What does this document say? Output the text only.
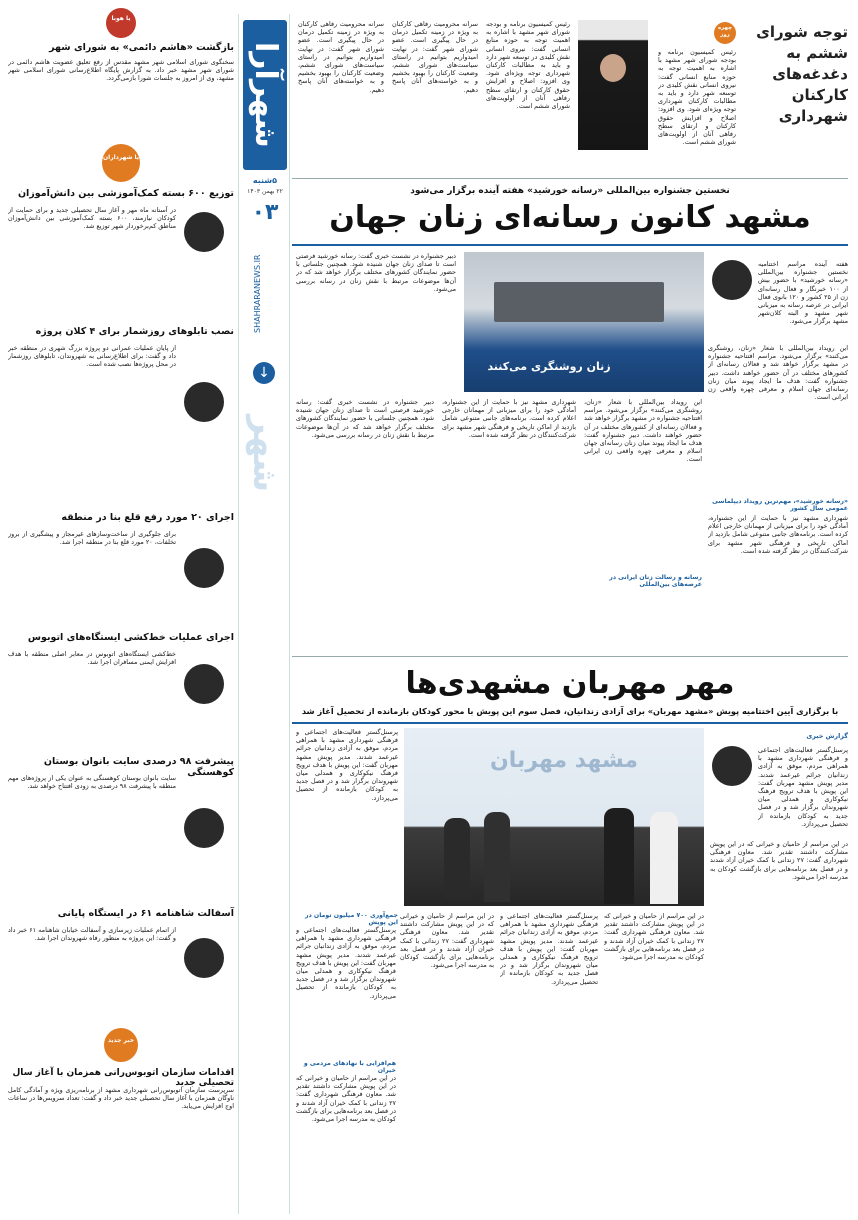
شهرآرا
۵شنبه
۲۲ بهمن ۱۴۰۳
۰۳
SHAHRARANEWS.IR
↓
شهر
توجه شورای ششم به دغدغه‌های کارکنان شهرداری
چهره روز
رئیس کمیسیون برنامه و بودجه شورای شهر مشهد با اشاره به اهمیت توجه به حوزه منابع انسانی گفت: نیروی انسانی نقش کلیدی در توسعه شهر دارد و باید به مطالبات کارکنان شهرداری توجه ویژه‌ای شود. وی افزود: اصلاح و افزایش حقوق کارکنان و ارتقای سطح رفاهی آنان از اولویت‌های شورای ششم است.
رئیس کمیسیون برنامه و بودجه شورای شهر مشهد با اشاره به اهمیت توجه به حوزه منابع انسانی گفت: نیروی انسانی نقش کلیدی در توسعه شهر دارد و باید به مطالبات کارکنان شهرداری توجه ویژه‌ای شود. وی افزود: اصلاح و افزایش حقوق کارکنان و ارتقای سطح رفاهی آنان از اولویت‌های شورای ششم است.
سرانه محرومیت رفاهی کارکنان به ویژه در زمینه تکمیل درمان در حال پیگیری است. عضو شورای شهر گفت: در نهایت امیدواریم بتوانیم در راستای سیاست‌های شورای ششم، وضعیت کارکنان را بهبود بخشیم و به خواسته‌های آنان پاسخ دهیم.
سرانه محرومیت رفاهی کارکنان به ویژه در زمینه تکمیل درمان در حال پیگیری است. عضو شورای شهر گفت: در نهایت امیدواریم بتوانیم در راستای سیاست‌های شورای ششم، وضعیت کارکنان را بهبود بخشیم و به خواسته‌های آنان پاسخ دهیم.
نخستین جشنواره بین‌المللی «رسانه خورشید» هفته آینده برگزار می‌شود
مشهد کانون رسانه‌ای زنان جهان
هفته آینده مراسم اختتامیه نخستین جشنواره بین‌المللی «رسانه خورشید» با حضور بیش از ۱۰۰ خبرنگار و فعال رسانه‌ای زن از ۲۵ کشور و ۱۲۰ بانوی فعال ایرانی در عرصه رسانه به میزبانی شهر مشهد و البته کلان‌شهر مشهد برگزار می‌شود.
این رویداد بین‌المللی با شعار «زنان، روشنگری می‌کنند» برگزار می‌شود. مراسم افتتاحیه جشنواره در مشهد برگزار خواهد شد و فعالان رسانه‌ای از کشورهای مختلف در آن حضور خواهند داشت. دبیر جشنواره گفت: هدف ما ایجاد پیوند میان زنان رسانه‌ای جهان اسلام و معرفی چهره واقعی زن ایرانی است.
«رسانه خورشید»، مهم‌ترین رویداد دیپلماسی عمومی سال کشور
شهرداری مشهد نیز با حمایت از این جشنواره، آمادگی خود را برای میزبانی از مهمانان خارجی اعلام کرده است. برنامه‌های جانبی متنوعی شامل بازدید از اماکن تاریخی و فرهنگی شهر مشهد برای شرکت‌کنندگان در نظر گرفته شده است.
زنان روشنگری می‌کنند
دبیر جشنواره در نشست خبری گفت: رسانه خورشید فرصتی است تا صدای زنان جهان شنیده شود. همچنین جلساتی با حضور نمایندگان کشورهای مختلف برگزار خواهد شد که در آن‌ها موضوعات مرتبط با نقش زنان در رسانه بررسی می‌شود.
این رویداد بین‌المللی با شعار «زنان، روشنگری می‌کنند» برگزار می‌شود. مراسم افتتاحیه جشنواره در مشهد برگزار خواهد شد و فعالان رسانه‌ای از کشورهای مختلف در آن حضور خواهند داشت. دبیر جشنواره گفت: هدف ما ایجاد پیوند میان زنان رسانه‌ای جهان اسلام و معرفی چهره واقعی زن ایرانی است.
شهرداری مشهد نیز با حمایت از این جشنواره، آمادگی خود را برای میزبانی از مهمانان خارجی اعلام کرده است. برنامه‌های جانبی متنوعی شامل بازدید از اماکن تاریخی و فرهنگی شهر مشهد برای شرکت‌کنندگان در نظر گرفته شده است.
دبیر جشنواره در نشست خبری گفت: رسانه خورشید فرصتی است تا صدای زنان جهان شنیده شود. همچنین جلساتی با حضور نمایندگان کشورهای مختلف برگزار خواهد شد که در آن‌ها موضوعات مرتبط با نقش زنان در رسانه بررسی می‌شود.
رسانه و رسالت زنان ایرانی در عرصه‌های بین‌المللی
مهر مهربان مشهدی‌ها
با برگزاری آیین اختتامیه پویش «مشهد مهربان» برای آزادی زندانیان، فصل سوم این پویش با محور کودکان بازمانده از تحصیل آغاز شد
گزارش خبری
پرسنل‌گستر فعالیت‌های اجتماعی و فرهنگی شهرداری مشهد با همراهی مردم، موفق به آزادی زندانیان جرائم غیرعمد شدند. مدیر پویش مشهد مهربان گفت: این پویش با هدف ترویج فرهنگ نیکوکاری و همدلی میان شهروندان برگزار شد و در فصل جدید به کودکان بازمانده از تحصیل می‌پردازد.
در این مراسم از حامیان و خیرانی که در این پویش مشارکت داشتند تقدیر شد. معاون فرهنگی شهرداری گفت: ۲۷ زندانی با کمک خیران آزاد شدند و در فصل بعد برنامه‌هایی برای بازگشت کودکان به مدرسه اجرا می‌شود.
مشهد مهربان
پرسنل‌گستر فعالیت‌های اجتماعی و فرهنگی شهرداری مشهد با همراهی مردم، موفق به آزادی زندانیان جرائم غیرعمد شدند. مدیر پویش مشهد مهربان گفت: این پویش با هدف ترویج فرهنگ نیکوکاری و همدلی میان شهروندان برگزار شد و در فصل جدید به کودکان بازمانده از تحصیل می‌پردازد.
جمع‌آوری ۷۰۰ میلیون تومان در این پویش
در این مراسم از حامیان و خیرانی که در این پویش مشارکت داشتند تقدیر شد. معاون فرهنگی شهرداری گفت: ۲۷ زندانی با کمک خیران آزاد شدند و در فصل بعد برنامه‌هایی برای بازگشت کودکان به مدرسه اجرا می‌شود.
پرسنل‌گستر فعالیت‌های اجتماعی و فرهنگی شهرداری مشهد با همراهی مردم، موفق به آزادی زندانیان جرائم غیرعمد شدند. مدیر پویش مشهد مهربان گفت: این پویش با هدف ترویج فرهنگ نیکوکاری و همدلی میان شهروندان برگزار شد و در فصل جدید به کودکان بازمانده از تحصیل می‌پردازد.
در این مراسم از حامیان و خیرانی که در این پویش مشارکت داشتند تقدیر شد. معاون فرهنگی شهرداری گفت: ۲۷ زندانی با کمک خیران آزاد شدند و در فصل بعد برنامه‌هایی برای بازگشت کودکان به مدرسه اجرا می‌شود.
هم‌افزایی با نهادهای مردمی و خیران
پرسنل‌گستر فعالیت‌های اجتماعی و فرهنگی شهرداری مشهد با همراهی مردم، موفق به آزادی زندانیان جرائم غیرعمد شدند. مدیر پویش مشهد مهربان گفت: این پویش با هدف ترویج فرهنگ نیکوکاری و همدلی میان شهروندان برگزار شد و در فصل جدید به کودکان بازمانده از تحصیل می‌پردازد.
در این مراسم از حامیان و خیرانی که در این پویش مشارکت داشتند تقدیر شد. معاون فرهنگی شهرداری گفت: ۲۷ زندانی با کمک خیران آزاد شدند و در فصل بعد برنامه‌هایی برای بازگشت کودکان به مدرسه اجرا می‌شود.
یا هوبا
بازگشت «هاشم دائمی» به شورای شهر
سخنگوی شورای اسلامی شهر مشهد مقدس از رفع تعلیق عضویت هاشم دائمی در شورای شهر مشهد خبر داد. به گزارش پایگاه اطلاع‌رسانی شورای اسلامی شهر مشهد، وی از امروز به جلسات شورا بازمی‌گردد.
یا شهرداران
توزیع ۶۰۰ بسته کمک‌آموزشی بین دانش‌آموزان
در آستانه ماه مهر و آغاز سال تحصیلی جدید و برای حمایت از کودکان نیازمند، ۶۰۰ بسته کمک‌آموزشی بین دانش‌آموزان مناطق کم‌برخوردار شهر توزیع شد.
نصب تابلوهای روزشمار برای ۴ کلان پروژه
از پایان عملیات عمرانی دو پروژه بزرگ شهری در منطقه خبر داد و گفت: برای اطلاع‌رسانی به شهروندان، تابلوهای روزشمار در محل پروژه‌ها نصب شده است.
اجرای ۲۰ مورد رفع قلع بنا در منطقه
برای جلوگیری از ساخت‌وسازهای غیرمجاز و پیشگیری از بروز تخلفات، ۲۰ مورد قلع بنا در منطقه اجرا شد.
اجرای عملیات خط‌کشی ایستگاه‌های اتوبوس
خط‌کشی ایستگاه‌های اتوبوس در معابر اصلی منطقه با هدف افزایش ایمنی مسافران اجرا شد.
پیشرفت ۹۸ درصدی سایت بانوان بوستان کوهسنگی
سایت بانوان بوستان کوهسنگی به عنوان یکی از پروژه‌های مهم منطقه با پیشرفت ۹۸ درصدی به زودی افتتاح خواهد شد.
آسفالت شاهنامه ۶۱ در ایستگاه پایانی
از اتمام عملیات زیرسازی و آسفالت خیابان شاهنامه ۶۱ خبر داد و گفت: این پروژه به منظور رفاه شهروندان اجرا شد.
خبر جدید
اقدامات سازمان اتوبوس‌رانی همزمان با آغاز سال تحصیلی جدید
سرپرست سازمان اتوبوس‌رانی شهرداری مشهد از برنامه‌ریزی ویژه و آمادگی کامل ناوگان همزمان با آغاز سال تحصیلی جدید خبر داد و گفت: تعداد سرویس‌ها در ساعات اوج افزایش می‌یابد.
